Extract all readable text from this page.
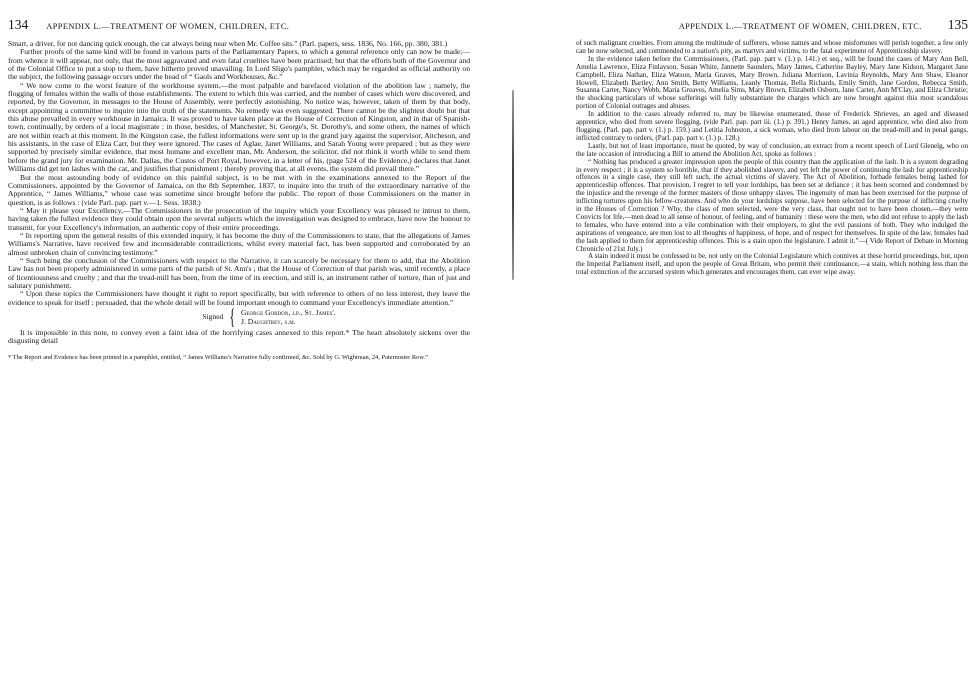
134 APPENDIX L.—TREATMENT OF WOMEN, CHILDREN, ETC.

Smart, a driver, for not dancing quick enough, the cat always being near when Mr. Coffee sits.” (Parl. papers, sess. 1836, No. 166, pp. 380, 381.)

Further proofs of the same kind will be found in various parts of the Parliamentary Papers, to which a general reference only can now be made;—from whence it will appear, not only, that the most aggravated and even fatal cruelties have been practised; but that the efforts both of the Governor and of the Colonial Office to put a stop to them, have hitherto proved unavailing. In Lord Sligo's pamphlet, which may be regarded as official authority on the subject, the following passage occurs under the head of “ Gaols and Workhouses, &c.”

“ We now come to the worst feature of the workhouse system,—the most palpable and barefaced violation of the abolition law ; namely, the flogging of females within the walls of those establishments. The extent to which this was carried, and the number of cases which were discovered, and reported, by the Governor, in messages to the House of Assembly, were perfectly astonishing. No notice was, however, taken of them by that body, except appointing a committee to inquire into the truth of the statements. No remedy was even suggested. There cannot be the slightest doubt but that this abuse prevailed in every workhouse in Jamaica. It was proved to have taken place at the House of Correction of Kingston, and in that of Spanish-town, continually, by orders of a local magistrate ; in those, besides, of Manchester, St. George's, St. Dorothy's, and some others, the names of which are not within reach at this moment. In the Kingston case, the fullest informations were sent up to the grand jury against the supervisor, Aitcheson, and his assistants, in the case of Eliza Carr, but they were ignored. The cases of Aglae, Janet Williams, and Sarah Young were prepared ; but as they were supported by precisely similar evidence, that most humane and excellent man, Mr. Anderson, the solicitor, did not think it worth while to send them before the grand jury for examination. Mr. Dallas, the Custos of Port Royal, however, in a letter of his, (page 524 of the Evidence,) declares that Janet Williams did get ten lashes with the cat, and justifies that punishment ; thereby proving that, at all events, the system did prevail there.”

But the most astounding body of evidence on this painful subject, is to be met with in the examinations annexed to the Report of the Commissioners, appointed by the Governor of Jamaica, on the 8th September, 1837, to inquire into the truth of the extraordinary narrative of the Apprentice, “ James Williams,” whose case was sometime since brought before the public. The report of those Commissioners on the matter in question, is as follows : (vide Parl. pap. part v.—1. Sess. 1838.)

“ May it please your Excellency,—The Commissioners in the prosecution of the inquiry which your Excellency was pleased to intrust to them, having taken the fullest evidence they could obtain upon the several subjects which the investigation was designed to embrace, have now the honour to transmit, for your Excellency's information, an authentic copy of their entire proceedings.

“ In reporting upon the general results of this extended inquiry, it has become the duty of the Commissioners to state, that the allegations of James Williams's Narrative, have received few and inconsiderable contradictions, whilst every material fact, has been supported and corroborated by an almost unbroken chain of convincing testimony.”

“ Such being the conclusion of the Commissioners with respect to the Narrative, it can scarcely be necessary for them to add, that the Abolition Law has not been properly administered in some parts of the parish of St. Ann's ; that the House of Correction of that parish was, until recently, a place of licentiousness and cruelty ; and that the tread-mill has been, from the time of its erection, and still is, an instrument rather of torture, than of just and salutary punishment.

“ Upon these topics the Commissioners have thought it right to report specifically, but with reference to others of no less interest, they leave the evidence to speak for itself ; persuaded, that the whole detail will be found important enough to command your Excellency's immediate attention.”

Signed { George Gordon, j.p., St. James'.
J. Daughtrey, s.m.

It is impossible in this note, to convey even a faint idea of the horrifying cases annexed to this report.* The heart absolutely sickens over the disgusting detail

* The Report and Evidence has been printed in a pamphlet, entitled, “ James Williams's Narrative fully confirmed, &c. Sold by G. Wightman, 24, Paternoster Row.”

APPENDIX L.—TREATMENT OF WOMEN, CHILDREN, ETC. 135

of such malignant cruelties. From among the multitude of sufferers, whose names and whose misfortunes will perish together, a few only can be now selected, and commended to a nation's pity, as martyrs and victims, to the fatal experiment of Apprenticeship slavery.

In the evidence taken before the Commissioners, (Parl. pap. part v. (1.) p. 141.) et seq., will be found the cases of Mary Ann Bell, Amelia Lawrence, Eliza Finlayson, Susan White, Jannette Saunders, Mary James, Catherine Bayley, Mary Jane Kidson, Margaret Jane Campbell, Eliza Nathan, Eliza Watson, Maria Graves, Mary Brown, Juliana Morrison, Lavinia Reynolds, Mary Ann Shaw, Eleanor Howell, Elizabeth Bartley, Ann Smith, Betty Williams, Leanly Thomas, Bella Richards, Emily Smith, Jane Gordon, Rebecca Smith, Susanna Carter, Nancy Webb, Maria Greaves, Amelia Sims, Mary Brown, Elizabeth Osborn, Jane Carter, Ann M'Clay, and Eliza Christie; the shocking particulars of whose sufferings will fully substantiate the charges which are now brought against this most scandalous portion of Colonial outrages and abuses.

In addition to the cases already referred to, may be likewise enumerated, those of Frederick Shrieves, an aged and diseased apprentice, who died from severe flogging, (vide Parl. pap. part iii. (1.) p. 391.) Henry James, an aged apprentice, who died also from flogging, (Parl. pap. part v. (1.) p. 159.) and Letitia Johnston, a sick woman, who died from labour on the tread-mill and in penal gangs, inflicted contrary to orders, (Parl. pap. part v. (1.) p. 128.)

Lastly, but not of least importance, must be quoted, by way of conclusion, an extract from a recent speech of Lord Glenelg, who on the late occasion of introducing a Bill to amend the Abolition Act, spoke as follows :

“ Nothing has produced a greater impression upon the people of this country than the application of the lash. It is a system degrading in every respect ; it is a system so horrible, that if they abolished slavery, and yet left the power of continuing the lash for apprenticeship offences in a single case, they still left such, the actual victims of slavery. The Act of Abolition, forbade females being lashed for apprenticeship offences. That provision, I regret to tell your lordships, has been set at defiance ; it has been scorned and condemned by the injustice and the revenge of the former masters of those unhappy slaves. The ingenuity of man has been exercised for the purpose of inflicting tortures upon his fellow-creatures. And who do your lordships suppose, have been selected for the purpose of inflicting cruelty in the Houses of Correction ? Why, the class of men selected, were the very class, that ought not to have been chosen,—they were Convicts for life,—men dead to all sense of honour, of feeling, and of humanity : these were the men, who did not refuse to apply the lash to females, who have entered into a vile combination with their employers, to glut the evil passions of both. They who indulged the aspirations of vengeance, are men lost to all thoughts of happiness, of hope, and of respect for themselves. In spite of the law, females had the lash applied to them for apprenticeship offences. This is a stain upon the legislature. I admit it.”—( Vide Report of Debate in Morning Chronicle of 21st July.)

A stain indeed it must be confessed to be, not only on the Colonial Legislature which connives at these horrid proceedings, but, upon the Imperial Parliament itself, and upon the people of Great Britain, who permit their continuance,—a stain, which nothing less than the total extinction of the accursed system which generates and encourages them, can ever wipe away.
